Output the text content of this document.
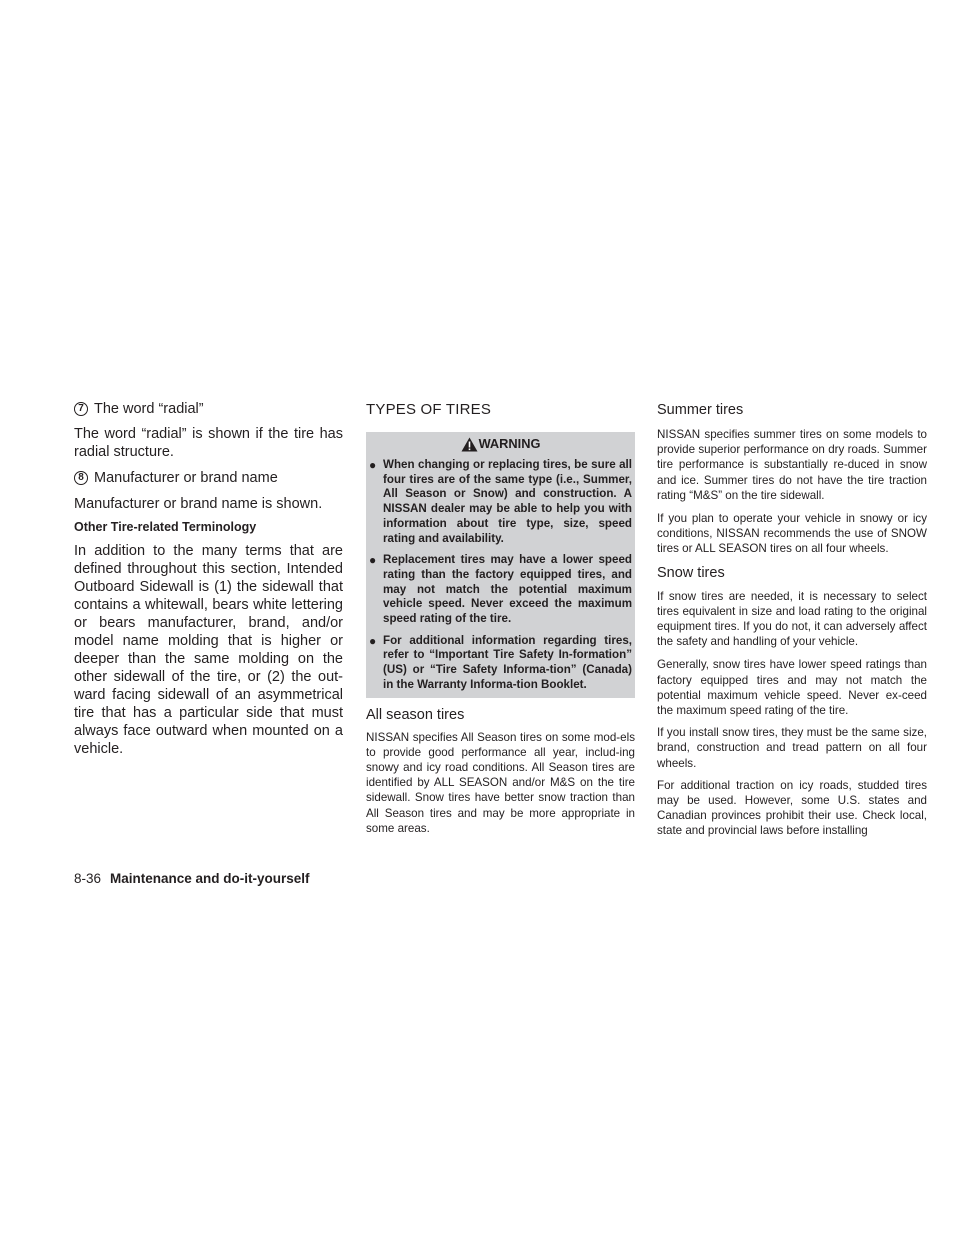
7 The word “radial”

The word “radial” is shown if the tire has radial structure.

8 Manufacturer or brand name

Manufacturer or brand name is shown.

Other Tire-related Terminology

In addition to the many terms that are defined throughout this section, Intended Outboard Sidewall is (1) the sidewall that contains a whitewall, bears white lettering or bears manufacturer, brand, and/or model name molding that is higher or deeper than the same molding on the other sidewall of the tire, or (2) the out-ward facing sidewall of an asymmetrical tire that has a particular side that must always face outward when mounted on a vehicle.

TYPES OF TIRES

WARNING
● When changing or replacing tires, be sure all four tires are of the same type (i.e., Summer, All Season or Snow) and construction. A NISSAN dealer may be able to help you with information about tire type, size, speed rating and availability.
● Replacement tires may have a lower speed rating than the factory equipped tires, and may not match the potential maximum vehicle speed. Never exceed the maximum speed rating of the tire.
● For additional information regarding tires, refer to “Important Tire Safety In-formation” (US) or “Tire Safety Informa-tion” (Canada) in the Warranty Informa-tion Booklet.

All season tires

NISSAN specifies All Season tires on some mod-els to provide good performance all year, includ-ing snowy and icy road conditions. All Season tires are identified by ALL SEASON and/or M&S on the tire sidewall. Snow tires have better snow traction than All Season tires and may be more appropriate in some areas.

Summer tires

NISSAN specifies summer tires on some models to provide superior performance on dry roads. Summer tire performance is substantially re-duced in snow and ice. Summer tires do not have the tire traction rating “M&S” on the tire sidewall.

If you plan to operate your vehicle in snowy or icy conditions, NISSAN recommends the use of SNOW tires or ALL SEASON tires on all four wheels.

Snow tires

If snow tires are needed, it is necessary to select tires equivalent in size and load rating to the original equipment tires. If you do not, it can adversely affect the safety and handling of your vehicle.

Generally, snow tires have lower speed ratings than factory equipped tires and may not match the potential maximum vehicle speed. Never ex-ceed the maximum speed rating of the tire.

If you install snow tires, they must be the same size, brand, construction and tread pattern on all four wheels.

For additional traction on icy roads, studded tires may be used. However, some U.S. states and Canadian provinces prohibit their use. Check local, state and provincial laws before installing

8-36 Maintenance and do-it-yourself
